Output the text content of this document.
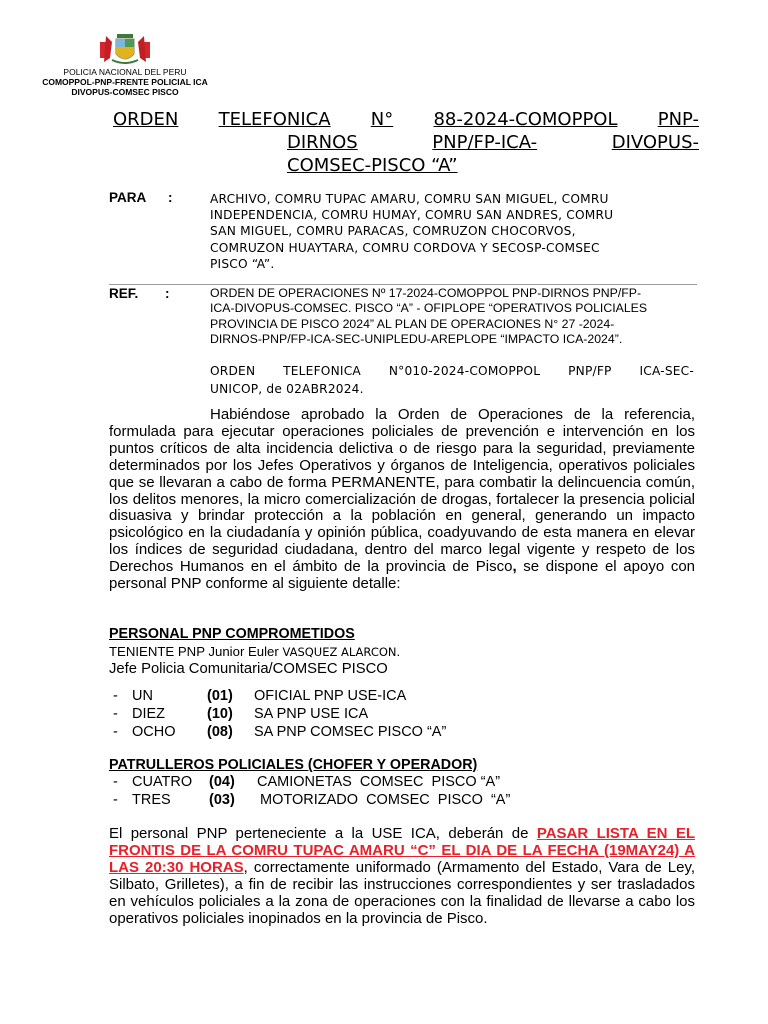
POLICIA NACIONAL DEL PERU
COMOPPOL-PNP-FRENTE POLICIAL ICA
DIVOPUS-COMSEC PISCO
ORDEN TELEFONICA N° 88-2024-COMOPPOL PNP-
DIRNOS	PNP/FP-ICA-	DIVOPUS-
COMSEC-PISCO “A”
PARA :	ARCHIVO, COMRU TUPAC AMARU, COMRU SAN MIGUEL, COMRU
INDEPENDENCIA, COMRU HUMAY, COMRU SAN ANDRES, COMRU
SAN MIGUEL, COMRU PARACAS, COMRUZON CHOCORVOS,
COMRUZON HUAYTARA, COMRU CORDOVA Y SECOSP-COMSEC
PISCO “A”.
REF. :	ORDEN DE OPERACIONES Nº 17-2024-COMOPPOL PNP-DIRNOS PNP/FP-
ICA-DIVOPUS-COMSEC. PISCO “A” - OFIPLOPE “OPERATIVOS POLICIALES
PROVINCIA DE PISCO 2024” AL PLAN DE OPERACIONES N° 27 -2024-
DIRNOS-PNP/FP-ICA-SEC-UNIPLEDU-AREPLOPE “IMPACTO ICA-2024”.
ORDEN TELEFONICA N°010-2024-COMOPPOL PNP/FP ICA-SEC-
UNICOP, de 02ABR2024.
Habiéndose aprobado la Orden de Operaciones de la referencia, formulada para ejecutar operaciones policiales de prevención e intervención en los puntos críticos de alta incidencia delictiva o de riesgo para la seguridad, previamente determinados por los Jefes Operativos y órganos de Inteligencia, operativos policiales que se llevaran a cabo de forma PERMANENTE, para combatir la delincuencia común, los delitos menores, la micro comercialización de drogas, fortalecer la presencia policial disuasiva y brindar protección a la población en general, generando un impacto psicológico en la ciudadanía y opinión pública, coadyuvando de esta manera en elevar los índices de seguridad ciudadana, dentro del marco legal vigente y respeto de los Derechos Humanos en el ámbito de la provincia de Pisco, se dispone el apoyo con personal PNP conforme al siguiente detalle:
PERSONAL PNP COMPROMETIDOS
TENIENTE PNP Junior Euler VASQUEZ ALARCON.
Jefe Policia Comunitaria/COMSEC PISCO
- UN	(01) OFICIAL PNP USE-ICA
- DIEZ	(10) SA PNP USE ICA
- OCHO (08) SA PNP COMSEC PISCO “A”
PATRULLEROS POLICIALES (CHOFER Y OPERADOR)
- CUATRO (04) CAMIONETAS  COMSEC  PISCO “A”
- TRES	(03) MOTORIZADO  COMSEC  PISCO  “A”
El personal PNP perteneciente a la USE ICA, deberán de PASAR LISTA EN EL FRONTIS DE LA COMRU TUPAC AMARU “C” EL DIA DE LA FECHA (19MAY24) A LAS 20:30 HORAS, correctamente uniformado (Armamento del Estado, Vara de Ley, Silbato, Grilletes), a fin de recibir las instrucciones correspondientes y ser trasladados en vehículos policiales a la zona de operaciones con la finalidad de llevarse a cabo los operativos policiales inopinados en la provincia de Pisco.
